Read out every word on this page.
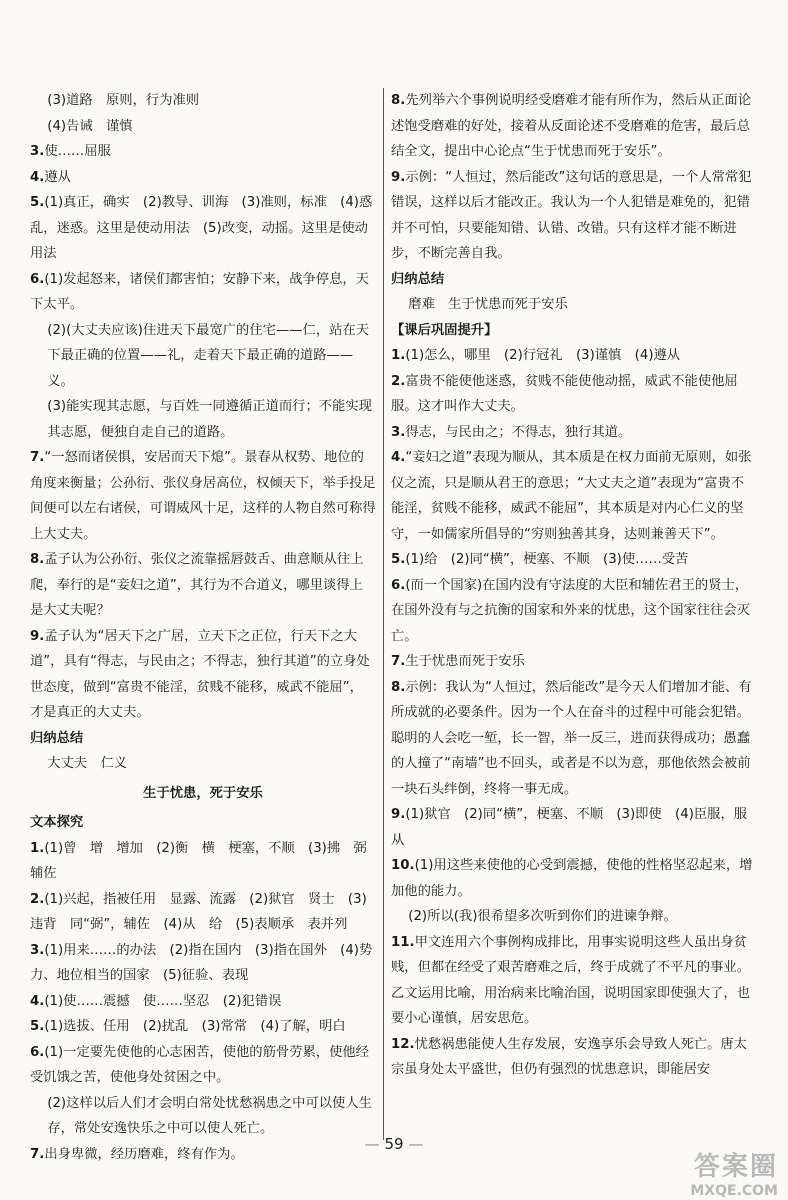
(3)道路　原则，行为准则
(4)告诫　谨慎
3.使……屈服
4.遵从
5.(1)真正，确实　(2)教导、训海　(3)准则，标准　(4)惑乱，迷惑。这里是使动用法　(5)改变，动摇。这里是使动用法
6.(1)发起怒来，诸侯们都害怕；安静下来，战争停息，天下太平。
(2)(大丈夫应该)住进天下最宽广的住宅——仁，站在天下最正确的位置——礼，走着天下最正确的道路——义。
(3)能实现其志愿，与百姓一同遵循正道而行；不能实现其志愿，便独自走自己的道路。
7.“一怒而诸侯惧，安居而天下熄”。景春从权势、地位的角度来衡量；公孙衍、张仪身居高位，权倾天下，举手投足间便可以左右诸侯，可谓威风十足，这样的人物自然可称得上大丈夫。
8.孟子认为公孙衍、张仪之流靠摇唇鼓舌、曲意顺从往上爬，奉行的是“妾妇之道”，其行为不合道义，哪里谈得上是大丈夫呢？
9.孟子认为“居天下之广居，立天下之正位，行天下之大道”，具有“得志，与民由之；不得志，独行其道”的立身处世态度，做到“富贵不能淫，贫贱不能移，威武不能屈”，才是真正的大丈夫。
归纳总结
大丈夫　仁义
生于忧患，死于安乐
文本探究
1.(1)曾　增　增加　(2)衡　横　梗塞，不顺　(3)拂　弼　辅佐
2.(1)兴起，指被任用　显露、流露　(2)狱官　贤士　(3)违背　同“弼”，辅佐　(4)从　给　(5)表顺承　表并列
3.(1)用来……的办法　(2)指在国内　(3)指在国外　(4)势力、地位相当的国家　(5)征验、表现
4.(1)使……震撼　使……坚忍　(2)犯错误
5.(1)选拔、任用　(2)扰乱　(3)常常　(4)了解，明白
6.(1)一定要先使他的心志困苦，使他的筋骨劳累，使他经受饥饿之苦，使他身处贫困之中。
(2)这样以后人们才会明白常处忧愁祸患之中可以使人生存，常处安逸快乐之中可以使人死亡。
7.出身卑微，经历磨难，终有作为。
8.先列举六个事例说明经受磨难才能有所作为，然后从正面论述饱受磨难的好处，接着从反面论述不受磨难的危害，最后总结全文，提出中心论点“生于忧患而死于安乐”。
9.示例：“人恒过，然后能改”这句话的意思是，一个人常常犯错误，这样以后才能改正。我认为一个人犯错是难免的，犯错并不可怕，只要能知错、认错、改错。只有这样才能不断进步，不断完善自我。
归纳总结
磨难　生于忧患而死于安乐
【课后巩固提升】
1.(1)怎么，哪里　(2)行冠礼　(3)谨慎　(4)遵从
2.富贵不能使他迷惑，贫贱不能使他动摇，威武不能使他屈服。这才叫作大丈夫。
3.得志，与民由之；不得志，独行其道。
4.“妾妇之道”表现为顺从，其本质是在权力面前无原则，如张仪之流，只是顺从君王的意思；“大丈夫之道”表现为“富贵不能淫，贫贱不能移，威武不能屈”，其本质是对内心仁义的坚守，一如儒家所倡导的“穷则独善其身，达则兼善天下”。
5.(1)给　(2)同“横”，梗塞、不顺　(3)使……受苦
6.(而一个国家)在国内没有守法度的大臣和辅佐君王的贤士，在国外没有与之抗衡的国家和外来的忧患，这个国家往往会灭亡。
7.生于忧患而死于安乐
8.示例：我认为“人恒过，然后能改”是今天人们增加才能、有所成就的必要条件。因为一个人在奋斗的过程中可能会犯错。聪明的人会吃一堑，长一智，举一反三，进而获得成功；愚蠢的人撞了“南墙”也不回头，或者是不以为意，那他依然会被前一块石头绊倒，终将一事无成。
9.(1)狱官　(2)同“横”，梗塞、不顺　(3)即使　(4)臣服，服从
10.(1)用这些来使他的心受到震撼，使他的性格坚忍起来，增加他的能力。
(2)所以(我)很希望多次听到你们的进谏争辩。
11.甲文连用六个事例构成排比，用事实说明这些人虽出身贫贱，但都在经受了艰苦磨难之后，终于成就了不平凡的事业。乙文运用比喻，用治病来比喻治国，说明国家即使强大了，也要小心谨慎，居安思危。
12.忧愁祸患能使人生存发展，安逸享乐会导致人死亡。唐太宗虽身处太平盛世，但仍有强烈的忧患意识，即能居安
— 59 —
答案圈
MXQE.COM
